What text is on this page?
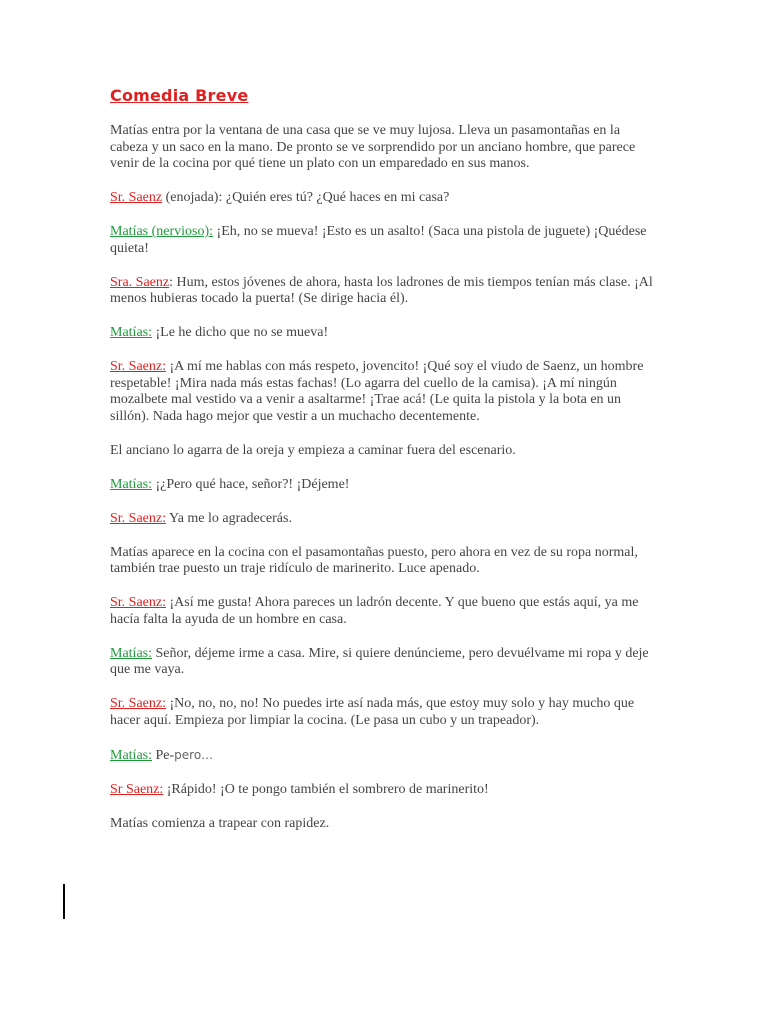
Comedia Breve

Matías entra por la ventana de una casa que se ve muy lujosa. Lleva un pasamontañas en la cabeza y un saco en la mano. De pronto se ve sorprendido por un anciano hombre, que parece venir de la cocina por qué tiene un plato con un emparedado en sus manos.

Sr. Saenz (enojada): ¿Quién eres tú? ¿Qué haces en mi casa?

Matías (nervioso): ¡Eh, no se mueva! ¡Esto es un asalto! (Saca una pistola de juguete) ¡Quédese quieta!

Sra. Saenz: Hum, estos jóvenes de ahora, hasta los ladrones de mis tiempos tenían más clase. ¡Al menos hubieras tocado la puerta! (Se dirige hacia él).

Matías: ¡Le he dicho que no se mueva!

Sr. Saenz: ¡A mí me hablas con más respeto, jovencito! ¡Qué soy el viudo de Saenz, un hombre respetable! ¡Mira nada más estas fachas! (Lo agarra del cuello de la camisa). ¡A mí ningún mozalbete mal vestido va a venir a asaltarme! ¡Trae acá! (Le quita la pistola y la bota en un sillón). Nada hago mejor que vestir a un muchacho decentemente.

El anciano lo agarra de la oreja y empieza a caminar fuera del escenario.

Matías: ¡¿Pero qué hace, señor?! ¡Déjeme!

Sr. Saenz: Ya me lo agradecerás.

Matías aparece en la cocina con el pasamontañas puesto, pero ahora en vez de su ropa normal, también trae puesto un traje ridículo de marinerito. Luce apenado.

Sr. Saenz: ¡Así me gusta! Ahora pareces un ladrón decente. Y que bueno que estás aquí, ya me hacía falta la ayuda de un hombre en casa.

Matías: Señor, déjeme irme a casa. Mire, si quiere denúncieme, pero devuélvame mi ropa y deje que me vaya.

Sr. Saenz: ¡No, no, no, no! No puedes irte así nada más, que estoy muy solo y hay mucho que hacer aquí. Empieza por limpiar la cocina. (Le pasa un cubo y un trapeador).

Matías: Pe-pero…

Sr Saenz: ¡Rápido! ¡O te pongo también el sombrero de marinerito!

Matías comienza a trapear con rapidez.
